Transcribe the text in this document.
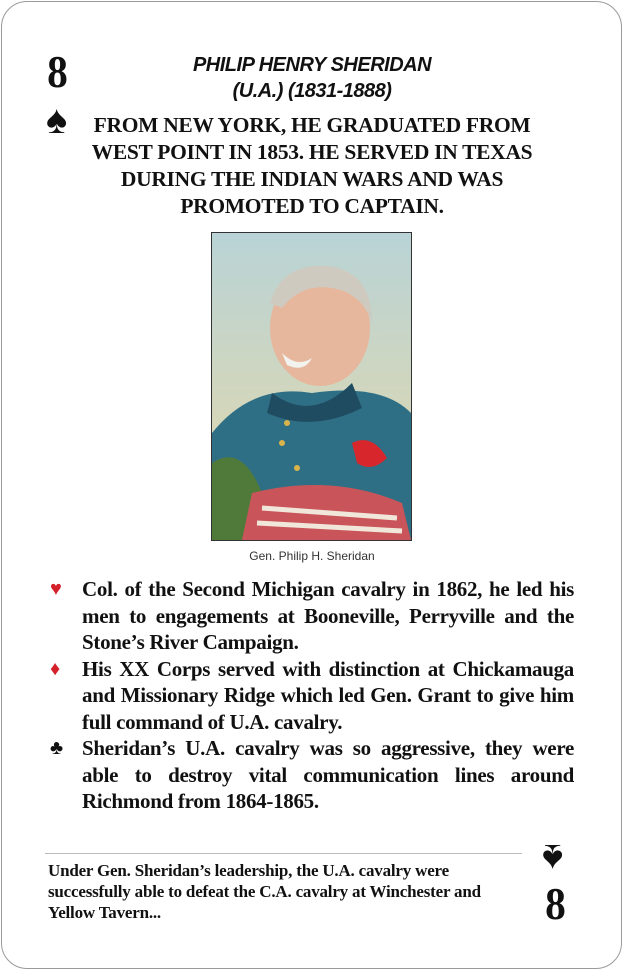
8
♠
PHILIP HENRY SHERIDAN
(U.A.) (1831-1888)
FROM NEW YORK, HE GRADUATED FROM WEST POINT IN 1853. HE SERVED IN TEXAS DURING THE INDIAN WARS AND WAS PROMOTED TO CAPTAIN.
Gen. Philip H. Sheridan
♥ Col. of the Second Michigan cavalry in 1862, he led his men to engagements at Booneville, Perryville and the Stone’s River Campaign.
♦ His XX Corps served with distinction at Chickamauga and Missionary Ridge which led Gen. Grant to give him full command of U.A. cavalry.
♣ Sheridan’s U.A. cavalry was so aggressive, they were able to destroy vital communication lines around Richmond from 1864-1865.
Under Gen. Sheridan’s leadership, the U.A. cavalry were successfully able to defeat the C.A. cavalry at Winchester and Yellow Tavern...
♠
8
